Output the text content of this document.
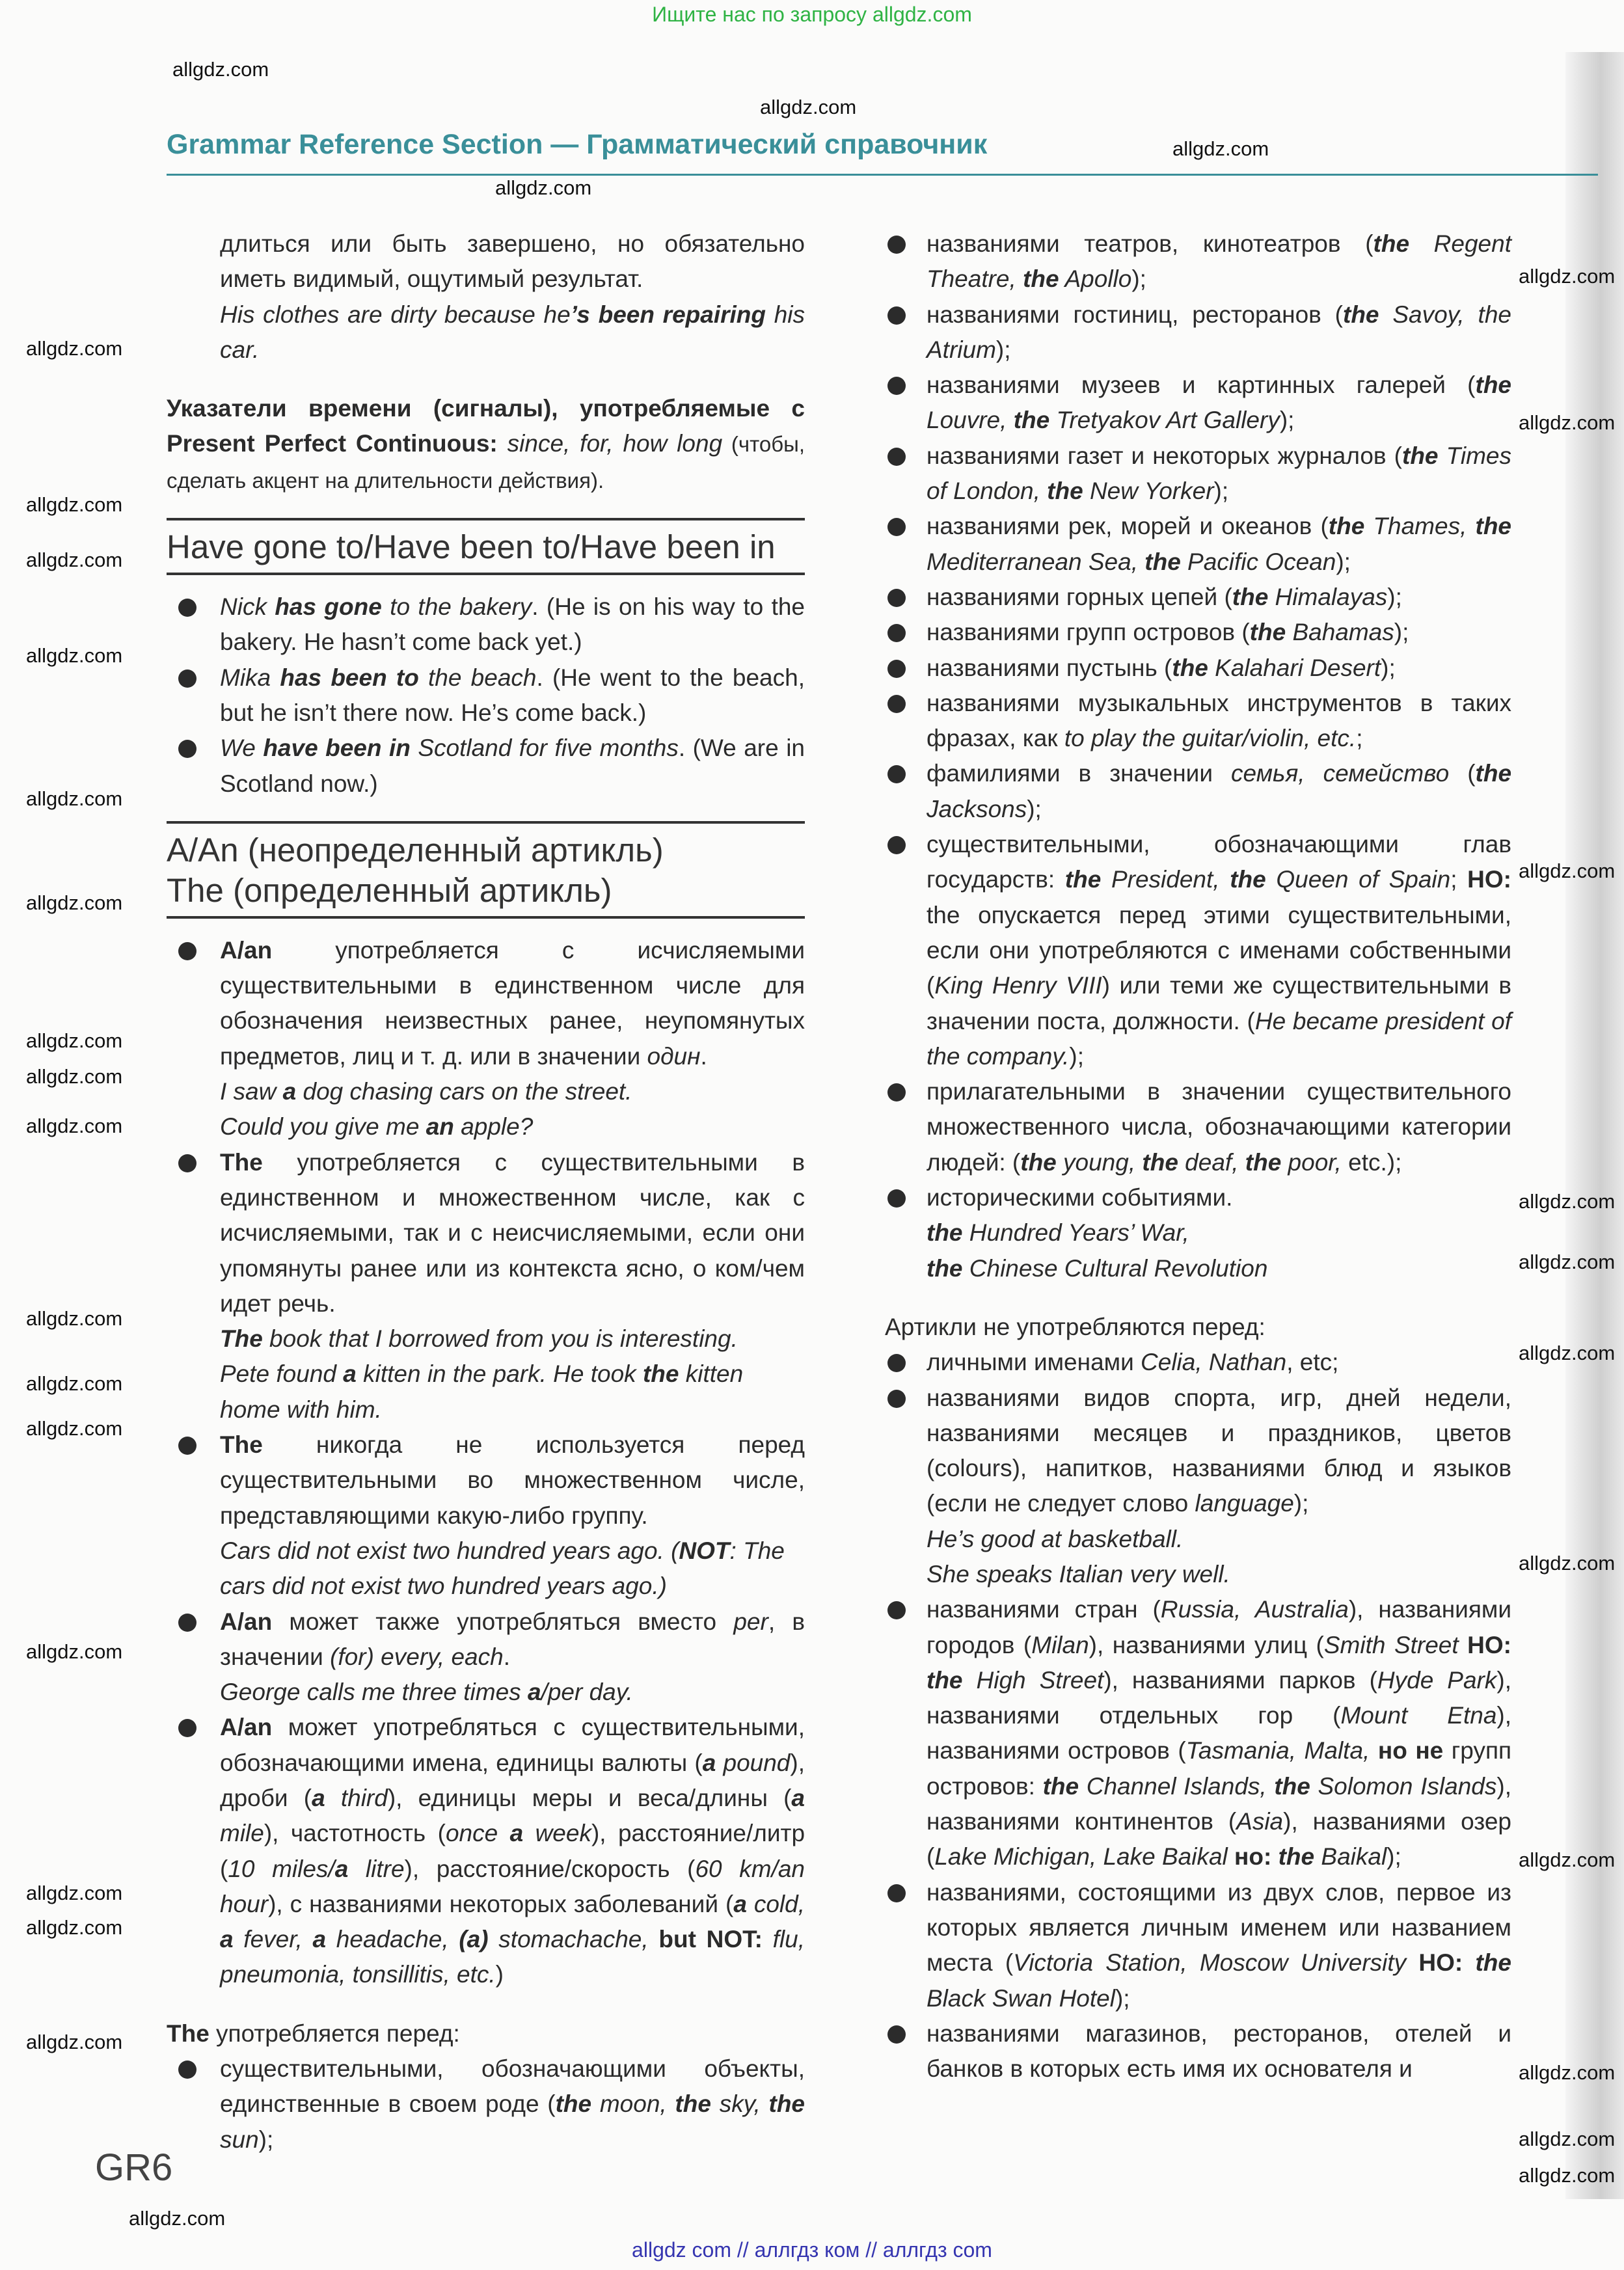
Ищите нас по запросу allgdz.com
Grammar Reference Section — Грамматический справочник

длиться или быть завершено, но обязательно иметь видимый, ощутимый результат.

His clothes are dirty because he’s been repairing his car.

Указатели времени (сигналы), употребляемые с Present Perfect Continuous: since, for, how long (чтобы, сделать акцент на длительности действия).

Have gone to/Have been to/Have been in
Nick has gone to the bakery. (He is on his way to the bakery. He hasn’t come back yet.)
Mika has been to the beach. (He went to the beach, but he isn’t there now. He’s come back.)
We have been in Scotland for five months. (We are in Scotland now.)
A/An (неопределенный артикль)
The (определенный артикль)
A/an употребляется с исчисляемыми существительными в единственном числе для обозначения неизвестных ранее, неупомянутых предметов, лиц и т. д. или в значении один.
I saw a dog chasing cars on the street.
Could you give me an apple?
The употребляется с существительными в единственном и множественном числе, как с исчисляемыми, так и с неисчисляемыми, если они упомянуты ранее или из контекста ясно, о ком/чем идет речь.
The book that I borrowed from you is interesting.
Pete found a kitten in the park. He took the kitten home with him.
The никогда не используется перед существительными во множественном числе, представляющими какую-либо группу.
Cars did not exist two hundred years ago. (NOT: The cars did not exist two hundred years ago.)
A/an может также употребляться вместо per, в значении (for) every, each.
George calls me three times a/per day.
A/an может употребляться с существительными, обозначающими имена, единицы валюты (a pound), дроби (a third), единицы меры и веса/длины (a mile), частотность (once a week), расстояние/литр (10 miles/a litre), расстояние/скорость (60 km/an hour), с названиями некоторых заболеваний (a cold, a fever, a headache, (a) stomachache, but NOT: flu, pneumonia, tonsillitis, etc.)

The употребляется перед:

существительными, обозначающими объекты, единственные в своем роде (the moon, the sky, the sun);
названиями театров, кинотеатров (the Regent Theatre, the Apollo);
названиями гостиниц, ресторанов (the Savoy, the Atrium);
названиями музеев и картинных галерей (the Louvre, the Tretyakov Art Gallery);
названиями газет и некоторых журналов (the Times of London, the New Yorker);
названиями рек, морей и океанов (the Thames, the Mediterranean Sea, the Pacific Ocean);
названиями горных цепей (the Himalayas);
названиями групп островов (the Bahamas);
названиями пустынь (the Kalahari Desert);
названиями музыкальных инструментов в таких фразах, как to play the guitar/violin, etc.;
фамилиями в значении семья, семейство (the Jacksons);
существительными, обозначающими глав государств: the President, the Queen of Spain; НО: the опускается перед этими существительными, если они употребляются с именами собственными (King Henry VIII) или теми же существительными в значении поста, должности. (He became president of the company.);
прилагательными в значении существительного множественного числа, обозначающими категории людей: (the young, the deaf, the poor, etc.);
историческими событиями.
the Hundred Years’ War,
the Chinese Cultural Revolution

Артикли не употребляются перед:

личными именами Celia, Nathan, etc;
названиями видов спорта, игр, дней недели, названиями месяцев и праздников, цветов (colours), напитков, названиями блюд и языков (если не следует слово language);
He’s good at basketball.
She speaks Italian very well.
названиями стран (Russia, Australia), названиями городов (Milan), названиями улиц (Smith Street НО: the High Street), названиями парков (Hyde Park), названиями отдельных гор (Mount Etna), названиями островов (Tasmania, Malta, но не групп островов: the Channel Islands, the Solomon Islands), названиями континентов (Asia), названиями озер (Lake Michigan, Lake Baikal но: the Baikal);
названиями, состоящими из двух слов, первое из которых является личным именем или названием места (Victoria Station, Moscow University НО: the Black Swan Hotel);
названиями магазинов, ресторанов, отелей и банков в которых есть имя их основателя и
GR6
allgdz com // аллгдз ком // аллгдз com
allgdz.com
allgdz.com
allgdz.com
allgdz.com
allgdz.com
allgdz.com
allgdz.com
allgdz.com
allgdz.com
allgdz.com
allgdz.com
allgdz.com
allgdz.com
allgdz.com
allgdz.com
allgdz.com
allgdz.com
allgdz.com
allgdz.com
allgdz.com
allgdz.com
allgdz.com
allgdz.com
allgdz.com
allgdz.com
allgdz.com
allgdz.com
allgdz.com
allgdz.com
allgdz.com
allgdz.com
allgdz.com
